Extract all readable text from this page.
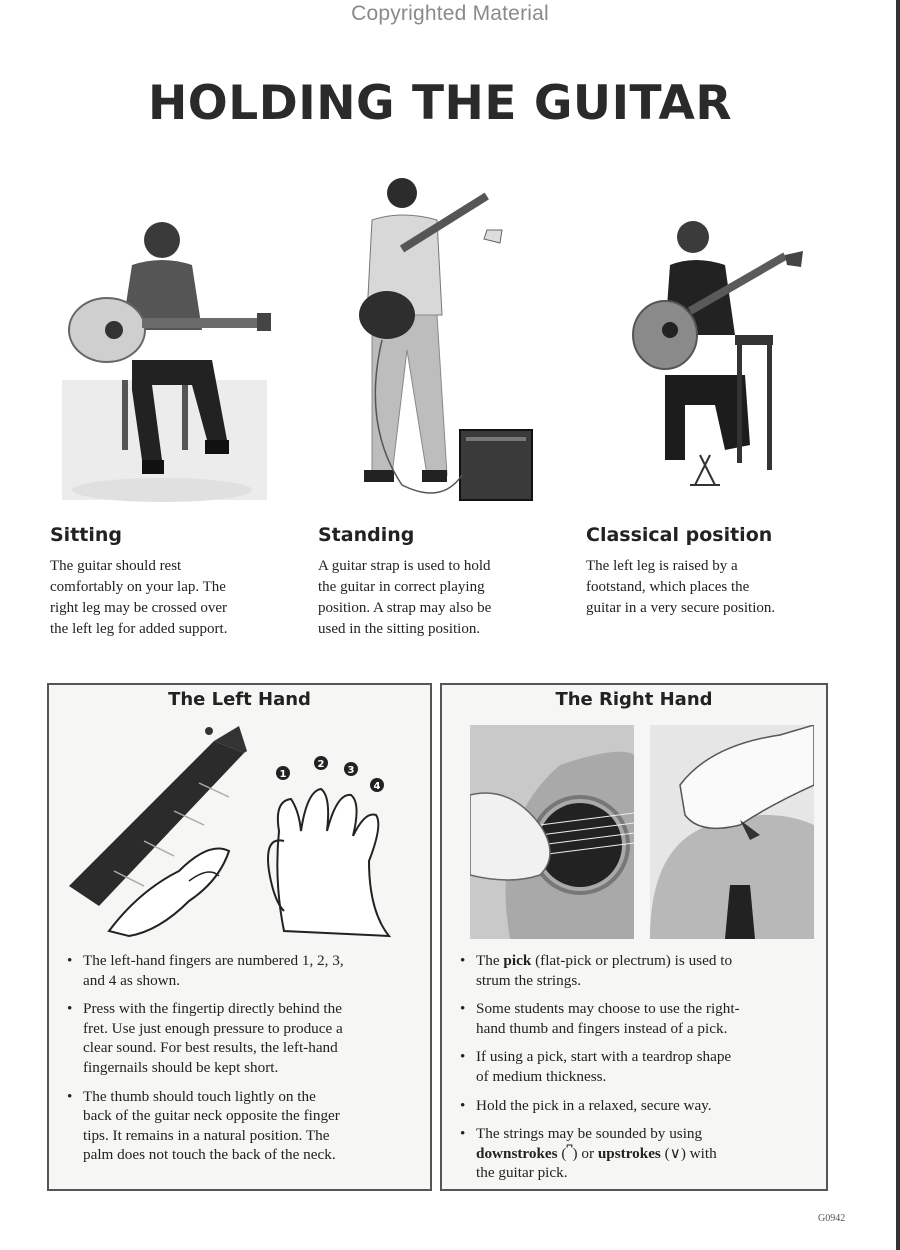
Copyrighted Material
HOLDING THE GUITAR
Sitting
The guitar should rest
comfortably on your lap. The
right leg may be crossed over
the left leg for added support.
Standing
A guitar strap is used to hold
the guitar in correct playing
position. A strap may also be
used in the sitting position.
Classical position
The left leg is raised by a
footstand, which places the
guitar in a very secure position.
The Left Hand
1
2
3
4
• The left-hand fingers are numbered 1, 2, 3,
and 4 as shown.
• Press with the fingertip directly behind the
fret. Use just enough pressure to produce a
clear sound. For best results, the left-hand
fingernails should be kept short.
• The thumb should touch lightly on the
back of the guitar neck opposite the finger
tips. It remains in a natural position. The
palm does not touch the back of the neck.
The Right Hand
• The pick (flat-pick or plectrum) is used to
strum the strings.
• Some students may choose to use the right-
hand thumb and fingers instead of a pick.
• If using a pick, start with a teardrop shape
of medium thickness.
• Hold the pick in a relaxed, secure way.
• The strings may be sounded by using
downstrokes (⎴) or upstrokes (∨) with
the guitar pick.
G0942
